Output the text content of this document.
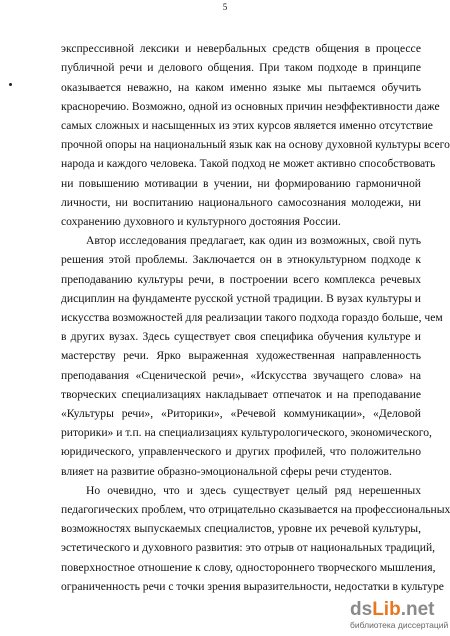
5
экспрессивной лексики и невербальных средств общения в процессе
публичной речи и делового общения. При таком подходе в принципе
оказывается неважно, на каком именно языке мы пытаемся обучить
красноречию. Возможно, одной из основных причин неэффективности даже
самых сложных и насыщенных из этих курсов является именно отсутствие
прочной опоры на национальный язык как на основу духовной культуры всего
народа и каждого человека. Такой подход не может активно способствовать
ни повышению мотивации в учении, ни формированию гармоничной
личности, ни воспитанию национального самосознания молодежи, ни
сохранению духовного и культурного достояния России.
Автор исследования предлагает, как один из возможных, свой путь
решения этой проблемы. Заключается он в этнокультурном подходе к
преподаванию культуры речи, в построении всего комплекса речевых
дисциплин на фундаменте русской устной традиции. В вузах культуры и
искусства возможностей для реализации такого подхода гораздо больше, чем
в других вузах. Здесь существует своя специфика обучения культуре и
мастерству речи. Ярко выраженная художественная направленность
преподавания «Сценической речи», «Искусства звучащего слова» на
творческих специализациях накладывает отпечаток и на преподавание
«Культуры речи», «Риторики», «Речевой коммуникации», «Деловой
риторики» и т.п. на специализациях культурологического, экономического,
юридического, управленческого и других профилей, что положительно
влияет на развитие образно-эмоциональной сферы речи студентов.
Но очевидно, что и здесь существует целый ряд нерешенных
педагогических проблем, что отрицательно сказывается на профессиональных
возможностях выпускаемых специалистов, уровне их речевой культуры,
эстетического и духовного развития: это отрыв от национальных традиций,
поверхностное отношение к слову, одностороннего творческого мышления,
ограниченность речи с точки зрения выразительности, недостатки в культуре
dsLib.net
библиотека диссертаций
